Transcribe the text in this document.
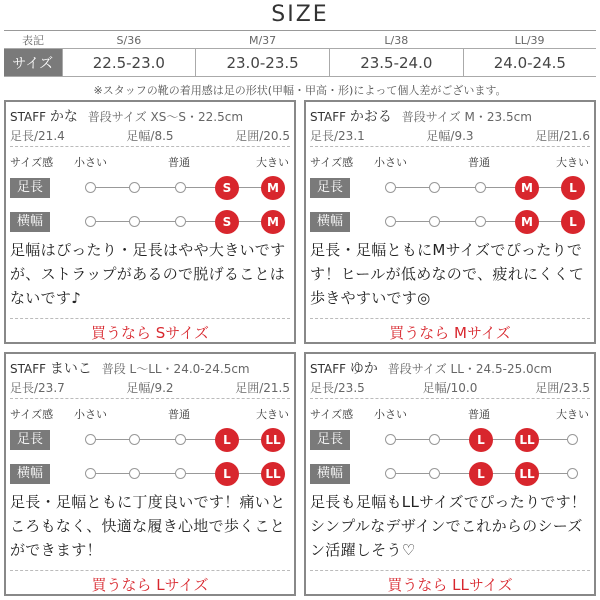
SIZE
表記	S/36	M/37	L/38	LL/39
サイズ	22.5-23.0	23.0-23.5	23.5-24.0	24.0-24.5
※スタッフの靴の着用感は足の形状(甲幅・甲高・形)によって個人差がございます。
STAFF かな 普段サイズ XS〜S・22.5cm
足長/21.4	足幅/8.5	足囲/20.5
サイズ感 小さい	普通	大きい
足長	S	M
横幅	S	M
足幅はぴったり・足長はやや大きいですが、ストラップがあるので脱げることはないです♪
買うなら Sサイズ
STAFF かおる 普段サイズ M・23.5cm
足長/23.1	足幅/9.3	足囲/21.6
サイズ感 小さい	普通	大きい
足長	M	L
横幅	M	L
足長・足幅ともにMサイズでぴったりです！ヒールが低めなので、疲れにくくて歩きやすいです◎
買うなら Mサイズ
STAFF まいこ 普段 L〜LL・24.0-24.5cm
足長/23.7	足幅/9.2	足囲/21.5
サイズ感 小さい	普通	大きい
足長	L	LL
横幅	L	LL
足長・足幅ともに丁度良いです！痛いところもなく、快適な履き心地で歩くことができます！
買うなら Lサイズ
STAFF ゆか 普段サイズ LL・24.5-25.0cm
足長/23.5	足幅/10.0	足囲/23.5
サイズ感 小さい	普通	大きい
足長	L	LL
横幅	L	LL
足長も足幅もLLサイズでぴったりです！シンプルなデザインでこれからのシーズン活躍しそう♡
買うなら LLサイズ
